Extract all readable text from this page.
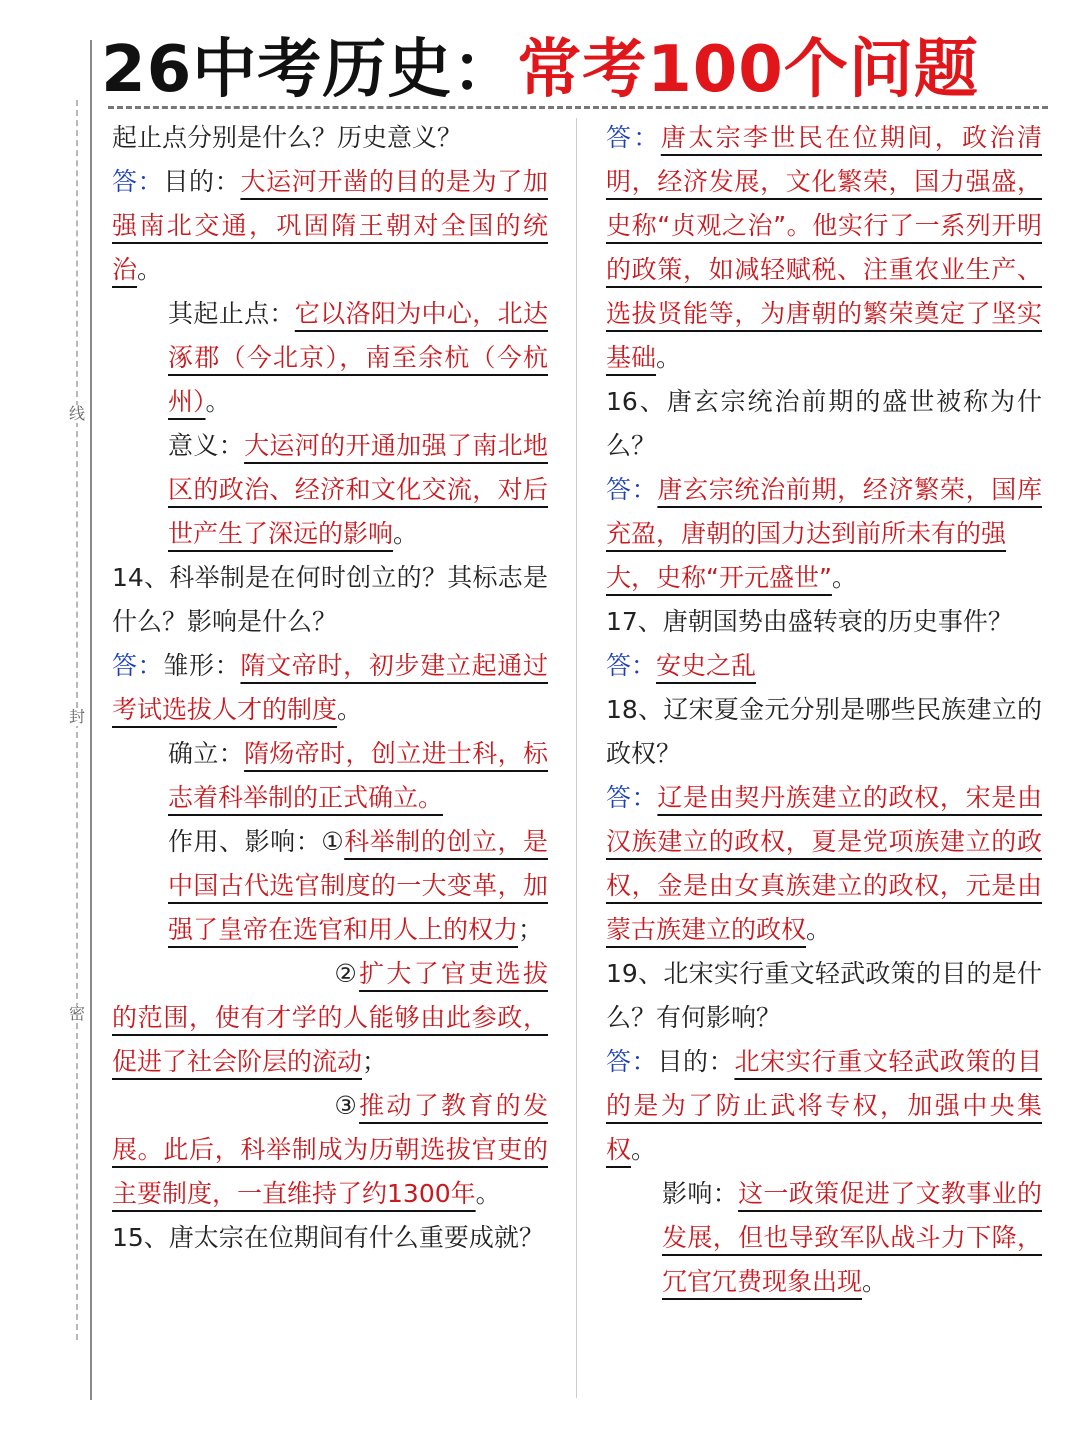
26中考历史：常考100个问题
线
封
密

起止点分别是什么？历史意义？

答：目的：大运河开凿的目的是为了加强南北交通，巩固隋王朝对全国的统治。

其起止点：它以洛阳为中心，北达涿郡（今北京），南至余杭（今杭州）。

意义：大运河的开通加强了南北地区的政治、经济和文化交流，对后世产生了深远的影响。

14、科举制是在何时创立的？其标志是什么？影响是什么？

答：雏形：隋文帝时，初步建立起通过考试选拔人才的制度。

确立：隋炀帝时，创立进士科，标志着科举制的正式确立。

作用、影响：①科举制的创立，是中国古代选官制度的一大变革，加强了皇帝在选官和用人上的权力；

②扩大了官吏选拔的范围，使有才学的人能够由此参政，促进了社会阶层的流动；

③推动了教育的发展。此后，科举制成为历朝选拔官吏的主要制度，一直维持了约1300年。

15、唐太宗在位期间有什么重要成就？

答：唐太宗李世民在位期间，政治清明，经济发展，文化繁荣，国力强盛，史称“贞观之治”。他实行了一系列开明的政策，如减轻赋税、注重农业生产、选拔贤能等，为唐朝的繁荣奠定了坚实基础。

16、唐玄宗统治前期的盛世被称为什么？

答：唐玄宗统治前期，经济繁荣，国库充盈，唐朝的国力达到前所未有的强

大，史称“开元盛世”。

17、唐朝国势由盛转衰的历史事件？

答：安史之乱

18、辽宋夏金元分别是哪些民族建立的政权？

答：辽是由契丹族建立的政权，宋是由汉族建立的政权，夏是党项族建立的政权，金是由女真族建立的政权，元是由蒙古族建立的政权。

19、北宋实行重文轻武政策的目的是什么？有何影响？

答：目的：北宋实行重文轻武政策的目的是为了防止武将专权，加强中央集权。

影响：这一政策促进了文教事业的发展，但也导致军队战斗力下降，冗官冗费现象出现。
